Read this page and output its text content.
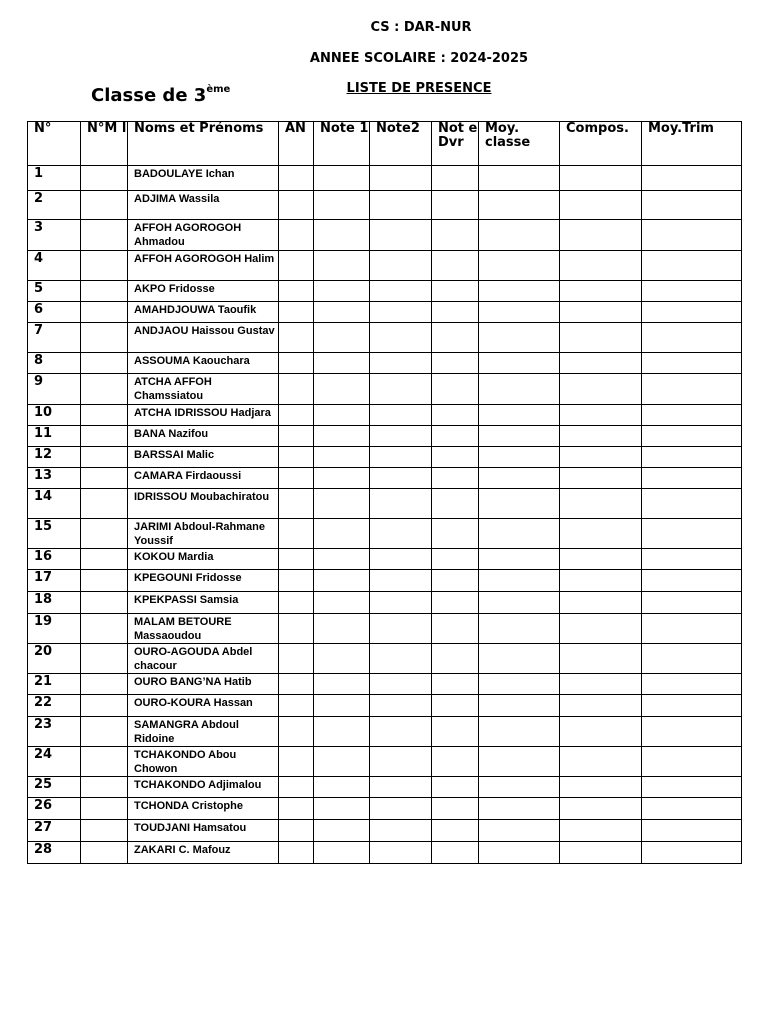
CS : DAR-NUR
ANNEE SCOLAIRE : 2024-2025
LISTE DE PRESENCE
Classe de 3ème
N°	N°M l	Noms et Prénoms	AN	Note 1	Note2	Not e Dvr	Moy. classe	Compos.	Moy.Trim
1		BADOULAYE Ichan							
2		ADJIMA Wassila							
3		AFFOH AGOROGOH Ahmadou							
4		AFFOH AGOROGOH Halim							
5		AKPO Fridosse							
6		AMAHDJOUWA Taoufik							
7		ANDJAOU Haissou Gustav							
8		ASSOUMA Kaouchara							
9		ATCHA AFFOH Chamssiatou							
10		ATCHA IDRISSOU Hadjara							
11		BANA Nazifou							
12		BARSSAI Malic							
13		CAMARA Firdaoussi							
14		IDRISSOU Moubachiratou							
15		JARIMI Abdoul-Rahmane Youssif							
16		KOKOU Mardia							
17		KPEGOUNI Fridosse							
18		KPEKPASSI Samsia							
19		MALAM BETOURE Massaoudou							
20		OURO-AGOUDA Abdel chacour							
21		OURO BANG’NA Hatib							
22		OURO-KOURA Hassan							
23		SAMANGRA Abdoul Ridoine							
24		TCHAKONDO Abou Chowon							
25		TCHAKONDO Adjimalou							
26		TCHONDA Cristophe							
27		TOUDJANI Hamsatou							
28		ZAKARI C. Mafouz							
